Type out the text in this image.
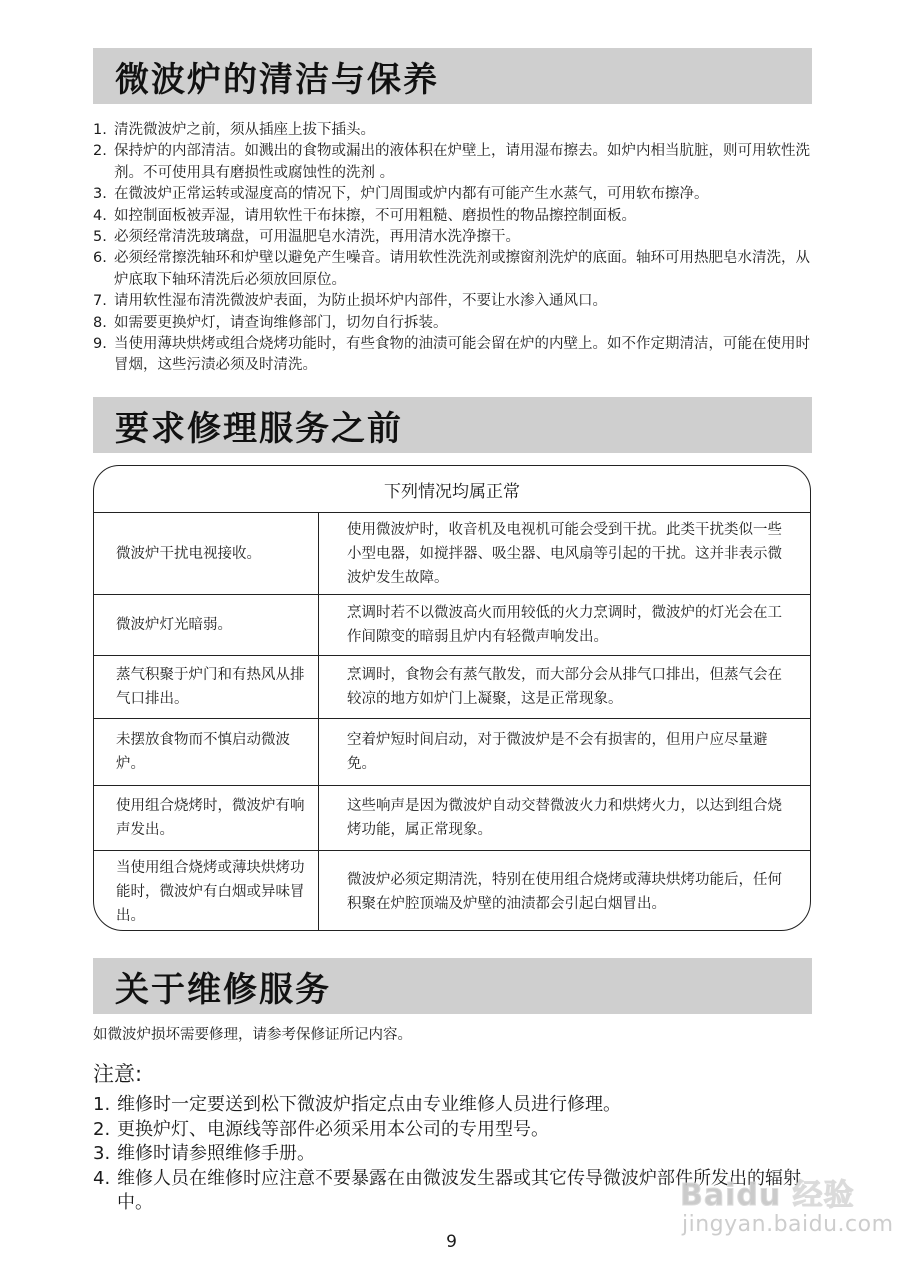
微波炉的清洁与保养
1. 清洗微波炉之前，须从插座上拔下插头。
2. 保持炉的内部清洁。如溅出的食物或漏出的液体积在炉壁上，请用湿布擦去。如炉内相当肮脏，则可用软性洗剂。不可使用具有磨损性或腐蚀性的洗剂 。
3. 在微波炉正常运转或湿度高的情况下，炉门周围或炉内都有可能产生水蒸气，可用软布擦净。
4. 如控制面板被弄湿，请用软性干布抹擦，不可用粗糙、磨损性的物品擦控制面板。
5. 必须经常清洗玻璃盘，可用温肥皂水清洗，再用清水洗净擦干。
6. 必须经常擦洗轴环和炉壁以避免产生噪音。请用软性洗洗剂或擦窗剂洗炉的底面。轴环可用热肥皂水清洗，从炉底取下轴环清洗后必须放回原位。
7. 请用软性湿布清洗微波炉表面，为防止损坏炉内部件，不要让水渗入通风口。
8. 如需要更换炉灯，请查询维修部门，切勿自行拆装。
9. 当使用薄块烘烤或组合烧烤功能时，有些食物的油渍可能会留在炉的内壁上。如不作定期清洁，可能在使用时冒烟，这些污渍必须及时清洗。
要求修理服务之前
下列情况均属正常
微波炉干扰电视接收。
使用微波炉时，收音机及电视机可能会受到干扰。此类干扰类似一些小型电器，如搅拌器、吸尘器、电风扇等引起的干扰。这并非表示微波炉发生故障。
微波炉灯光暗弱。
烹调时若不以微波高火而用较低的火力烹调时，微波炉的灯光会在工作间隙变的暗弱且炉内有轻微声响发出。
蒸气积聚于炉门和有热风从排气口排出。
烹调时，食物会有蒸气散发，而大部分会从排气口排出，但蒸气会在较凉的地方如炉门上凝聚，这是正常现象。
未摆放食物而不慎启动微波炉。
空着炉短时间启动，对于微波炉是不会有损害的，但用户应尽量避免。
使用组合烧烤时，微波炉有响声发出。
这些响声是因为微波炉自动交替微波火力和烘烤火力，以达到组合烧烤功能，属正常现象。
当使用组合烧烤或薄块烘烤功能时，微波炉有白烟或异味冒出。
微波炉必须定期清洗，特别在使用组合烧烤或薄块烘烤功能后，任何积聚在炉腔顶端及炉壁的油渍都会引起白烟冒出。
关于维修服务
如微波炉损坏需要修理，请参考保修证所记内容。
注意:
1. 维修时一定要送到松下微波炉指定点由专业维修人员进行修理。
2. 更换炉灯、电源线等部件必须采用本公司的专用型号。
3. 维修时请参照维修手册。
4. 维修人员在维修时应注意不要暴露在由微波发生器或其它传导微波炉部件所发出的辐射中。	Baidu 经验
jingyan.baidu.com
9
